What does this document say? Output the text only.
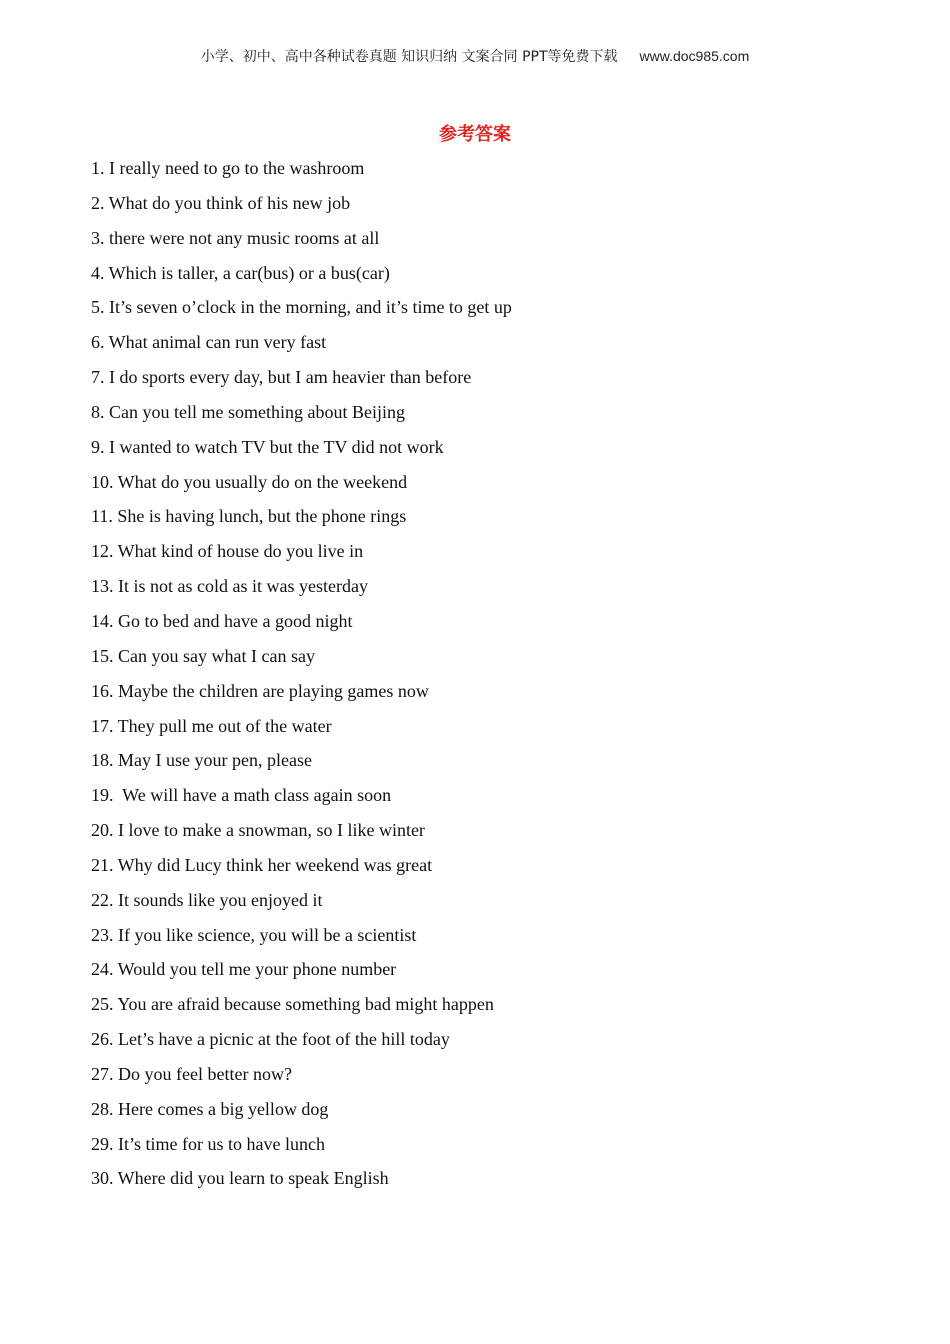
小学、初中、高中各种试卷真题 知识归纳 文案合同 PPT等免费下载 www.doc985.com
参考答案
1. I really need to go to the washroom
2. What do you think of his new job
3. there were not any music rooms at all
4. Which is taller, a car(bus) or a bus(car)
5. It’s seven o’clock in the morning, and it’s time to get up
6. What animal can run very fast
7. I do sports every day, but I am heavier than before
8. Can you tell me something about Beijing
9. I wanted to watch TV but the TV did not work
10. What do you usually do on the weekend
11. She is having lunch, but the phone rings
12. What kind of house do you live in
13. It is not as cold as it was yesterday
14. Go to bed and have a good night
15. Can you say what I can say
16. Maybe the children are playing games now
17. They pull me out of the water
18. May I use your pen, please
19.  We will have a math class again soon
20. I love to make a snowman, so I like winter
21. Why did Lucy think her weekend was great
22. It sounds like you enjoyed it
23. If you like science, you will be a scientist
24. Would you tell me your phone number
25. You are afraid because something bad might happen
26. Let’s have a picnic at the foot of the hill today
27. Do you feel better now?
28. Here comes a big yellow dog
29. It’s time for us to have lunch
30. Where did you learn to speak English
